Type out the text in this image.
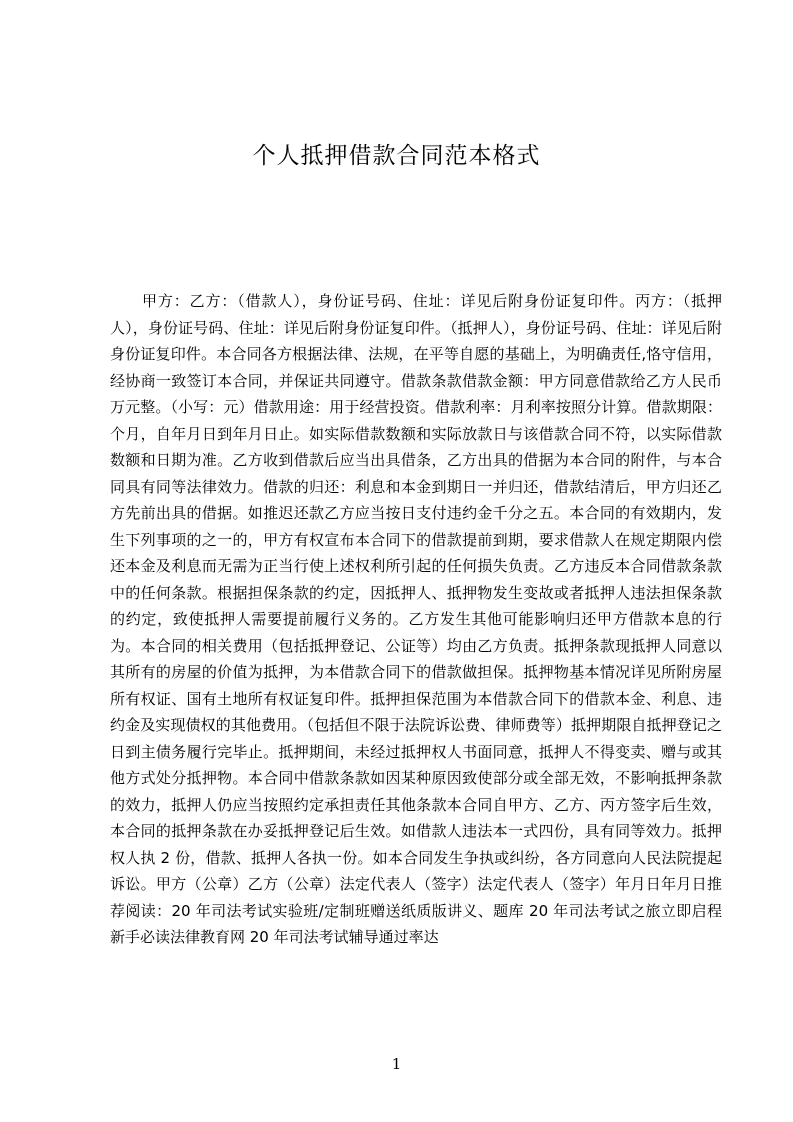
个人抵押借款合同范本格式

甲方：乙方：（借款人），身份证号码、住址：详见后附身份证复印件。丙方：（抵押人），身份证号码、住址：详见后附身份证复印件。（抵押人），身份证号码、住址：详见后附身份证复印件。本合同各方根据法律、法规，在平等自愿的基础上，为明确责任,恪守信用，经协商一致签订本合同，并保证共同遵守。借款条款借款金额：甲方同意借款给乙方人民币万元整。（小写：元）借款用途：用于经营投资。借款利率：月利率按照分计算。借款期限：个月，自年月日到年月日止。如实际借款数额和实际放款日与该借款合同不符，以实际借款数额和日期为准。乙方收到借款后应当出具借条，乙方出具的借据为本合同的附件，与本合同具有同等法律效力。借款的归还：利息和本金到期日一并归还，借款结清后，甲方归还乙方先前出具的借据。如推迟还款乙方应当按日支付违约金千分之五。本合同的有效期内，发生下列事项的之一的，甲方有权宣布本合同下的借款提前到期，要求借款人在规定期限内偿还本金及利息而无需为正当行使上述权利所引起的任何损失负责。乙方违反本合同借款条款中的任何条款。根据担保条款的约定，因抵押人、抵押物发生变故或者抵押人违法担保条款的约定，致使抵押人需要提前履行义务的。乙方发生其他可能影响归还甲方借款本息的行为。本合同的相关费用（包括抵押登记、公证等）均由乙方负责。抵押条款现抵押人同意以其所有的房屋的价值为抵押，为本借款合同下的借款做担保。抵押物基本情况详见所附房屋所有权证、国有土地所有权证复印件。抵押担保范围为本借款合同下的借款本金、利息、违约金及实现债权的其他费用。（包括但不限于法院诉讼费、律师费等）抵押期限自抵押登记之日到主债务履行完毕止。抵押期间，未经过抵押权人书面同意，抵押人不得变卖、赠与或其他方式处分抵押物。本合同中借款条款如因某种原因致使部分或全部无效，不影响抵押条款的效力，抵押人仍应当按照约定承担责任其他条款本合同自甲方、乙方、丙方签字后生效，本合同的抵押条款在办妥抵押登记后生效。如借款人违法本一式四份，具有同等效力。抵押权人执 2 份，借款、抵押人各执一份。如本合同发生争执或纠纷，各方同意向人民法院提起诉讼。甲方（公章）乙方（公章）法定代表人（签字）法定代表人（签字）年月日年月日推荐阅读：20 年司法考试实验班/定制班赠送纸质版讲义、题库 20 年司法考试之旅立即启程新手必读法律教育网 20 年司法考试辅导通过率达

1
